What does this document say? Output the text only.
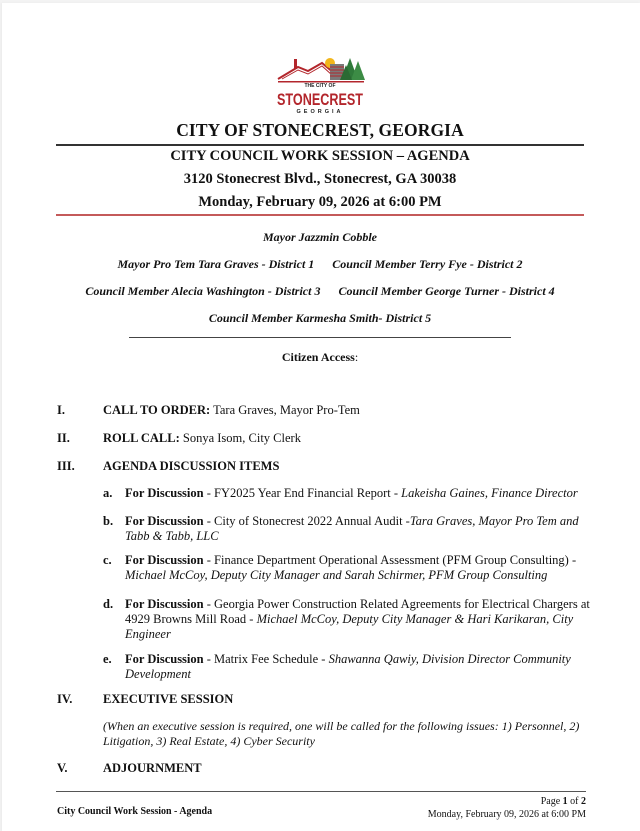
THE CITY OF
STONECREST
GEORGIA
CITY OF STONECREST, GEORGIA
CITY COUNCIL WORK SESSION – AGENDA
3120 Stonecrest Blvd., Stonecrest, GA 30038
Monday, February 09, 2026 at 6:00 PM
Mayor Jazzmin Cobble
Mayor Pro Tem Tara Graves - District 1 Council Member Terry Fye - District 2
Council Member Alecia Washington - District 3 Council Member George Turner - District 4
Council Member Karmesha Smith- District 5
Citizen Access:
I.	CALL TO ORDER: Tara Graves, Mayor Pro-Tem
II.	ROLL CALL: Sonya Isom, City Clerk
III. AGENDA DISCUSSION ITEMS
a. For Discussion - FY2025 Year End Financial Report - Lakeisha Gaines, Finance Director
b. For Discussion - City of Stonecrest 2022 Annual Audit -Tara Graves, Mayor Pro Tem and Tabb & Tabb, LLC
c. For Discussion - Finance Department Operational Assessment (PFM Group Consulting) - Michael McCoy, Deputy City Manager and Sarah Schirmer, PFM Group Consulting
d. For Discussion - Georgia Power Construction Related Agreements for Electrical Chargers at 4929 Browns Mill Road - Michael McCoy, Deputy City Manager & Hari Karikaran, City Engineer
e. For Discussion - Matrix Fee Schedule - Shawanna Qawiy, Division Director Community Development
IV. EXECUTIVE SESSION
(When an executive session is required, one will be called for the following issues: 1) Personnel, 2) Litigation, 3) Real Estate, 4) Cyber Security
V.	ADJOURNMENT
City Council Work Session - Agenda
Page 1 of 2
Monday, February 09, 2026 at 6:00 PM
